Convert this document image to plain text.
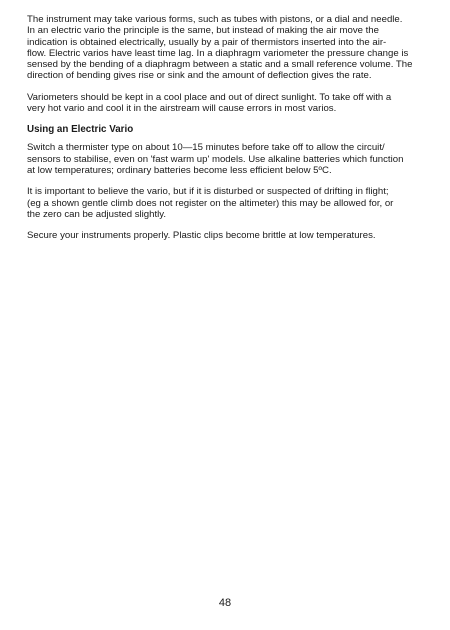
The instrument may take various forms, such as tubes with pistons, or a dial and needle.
In an electric vario the principle is the same, but instead of making the air move the
indication is obtained electrically, usually by a pair of thermistors inserted into the air-
flow. Electric varios have least time lag. In a diaphragm variometer the pressure change is
sensed by the bending of a diaphragm between a static and a small reference volume. The
direction of bending gives rise or sink and the amount of deflection gives the rate.

Variometers should be kept in a cool place and out of direct sunlight. To take off with a
very hot vario and cool it in the airstream will cause errors in most varios.

Using an Electric Vario

Switch a thermister type on about 10—15 minutes before take off to allow the circuit/
sensors to stabilise, even on 'fast warm up' models. Use alkaline batteries which function
at low temperatures; ordinary batteries become less efficient below 5ºC.

It is important to believe the vario, but if it is disturbed or suspected of drifting in flight;
(eg a shown gentle climb does not register on the altimeter) this may be allowed for, or
the zero can be adjusted slightly.

Secure your instruments properly. Plastic clips become brittle at low temperatures.

48
